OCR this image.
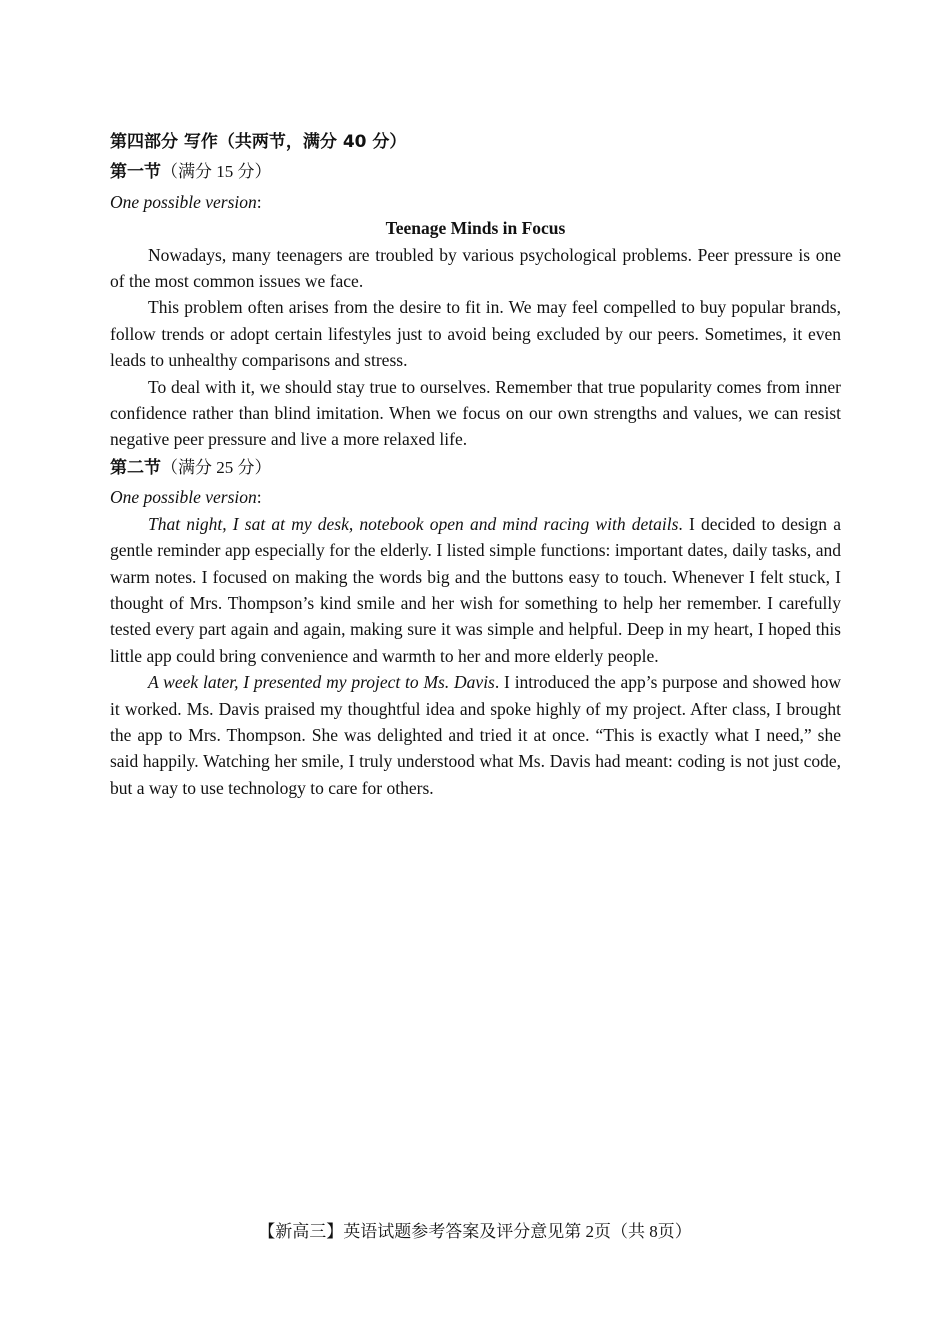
第四部分 写作（共两节，满分 40 分）
第一节（满分 15 分）
One possible version:
Teenage Minds in Focus

Nowadays, many teenagers are troubled by various psychological problems. Peer pressure is one of the most common issues we face.

This problem often arises from the desire to fit in. We may feel compelled to buy popular brands, follow trends or adopt certain lifestyles just to avoid being excluded by our peers. Sometimes, it even leads to unhealthy comparisons and stress.

To deal with it, we should stay true to ourselves. Remember that true popularity comes from inner confidence rather than blind imitation. When we focus on our own strengths and values, we can resist negative peer pressure and live a more relaxed life.

第二节（满分 25 分）
One possible version:

That night, I sat at my desk, notebook open and mind racing with details. I decided to design a gentle reminder app especially for the elderly. I listed simple functions: important dates, daily tasks, and warm notes. I focused on making the words big and the buttons easy to touch. Whenever I felt stuck, I thought of Mrs. Thompson’s kind smile and her wish for something to help her remember. I carefully tested every part again and again, making sure it was simple and helpful. Deep in my heart, I hoped this little app could bring convenience and warmth to her and more elderly people.

A week later, I presented my project to Ms. Davis. I introduced the app’s purpose and showed how it worked. Ms. Davis praised my thoughtful idea and spoke highly of my project. After class, I brought the app to Mrs. Thompson. She was delighted and tried it at once. “This is exactly what I need,” she said happily. Watching her smile, I truly understood what Ms. Davis had meant: coding is not just code, but a way to use technology to care for others.

【新高三】英语试题参考答案及评分意见第 2页（共 8页）
